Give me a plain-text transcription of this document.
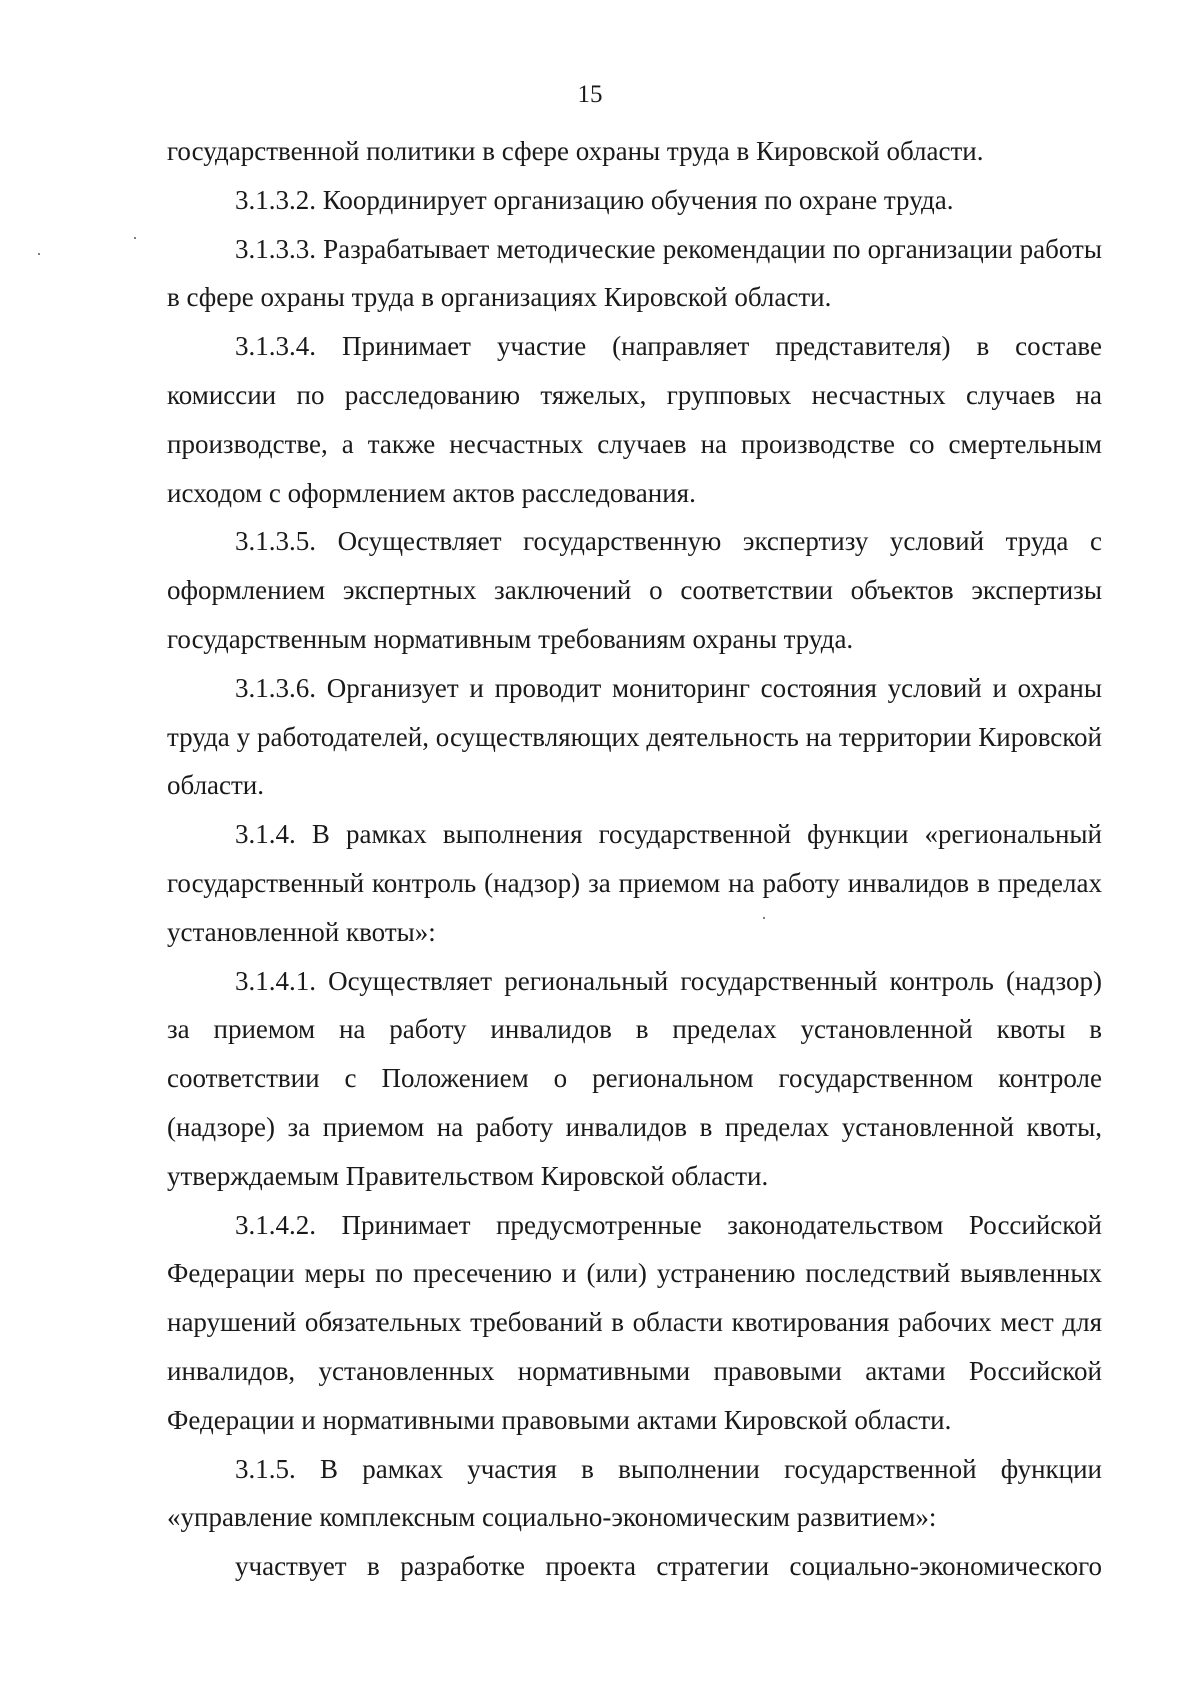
15

государственной политики в сфере охраны труда в Кировской области.

3.1.3.2. Координирует организацию обучения по охране труда.

3.1.3.3. Разрабатывает методические рекомендации по организации работы в сфере охраны труда в организациях Кировской области.

3.1.3.4. Принимает участие (направляет представителя) в составе комиссии по расследованию тяжелых, групповых несчастных случаев на производстве, а также несчастных случаев на производстве со смертельным исходом с оформлением актов расследования.

3.1.3.5. Осуществляет государственную экспертизу условий труда с оформлением экспертных заключений о соответствии объектов экспертизы государственным нормативным требованиям охраны труда.

3.1.3.6. Организует и проводит мониторинг состояния условий и охраны труда у работодателей, осуществляющих деятельность на территории Кировской области.

3.1.4. В рамках выполнения государственной функции «региональный государственный контроль (надзор) за приемом на работу инвалидов в пределах установленной квоты»:

3.1.4.1. Осуществляет региональный государственный контроль (надзор) за приемом на работу инвалидов в пределах установленной квоты в соответствии с Положением о региональном государственном контроле (надзоре) за приемом на работу инвалидов в пределах установленной квоты, утверждаемым Правительством Кировской области.

3.1.4.2. Принимает предусмотренные законодательством Российской Федерации меры по пресечению и (или) устранению последствий выявленных нарушений обязательных требований в области квотирования рабочих мест для инвалидов, установленных нормативными правовыми актами Российской Федерации и нормативными правовыми актами Кировской области.

3.1.5. В рамках участия в выполнении государственной функции «управление комплексным социально-экономическим развитием»:

участвует в разработке проекта стратегии социально-экономического
